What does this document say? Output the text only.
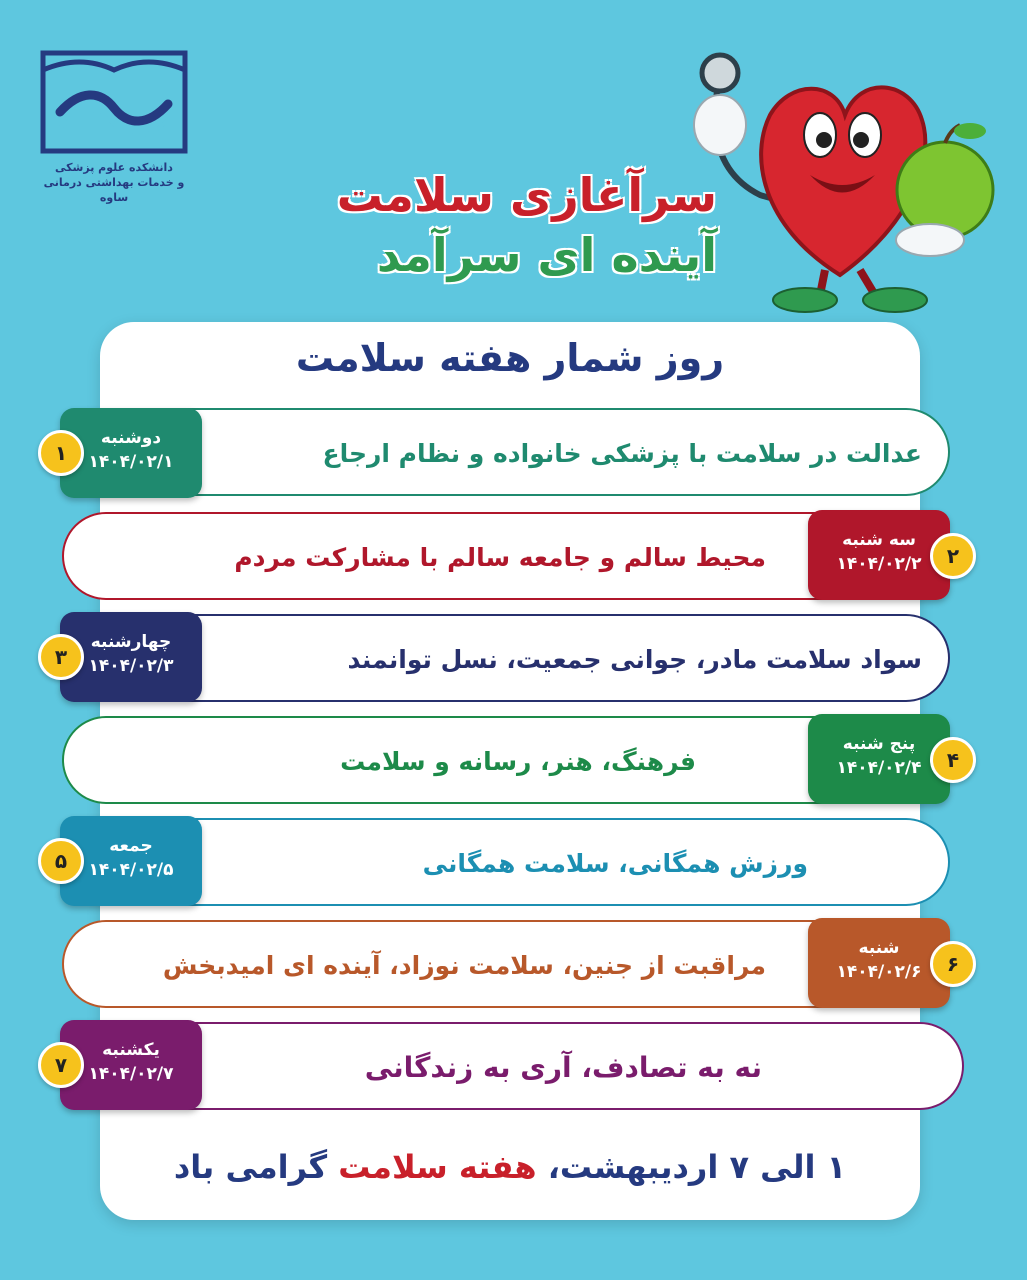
دانشکده علوم پزشکی
و خدمات بهداشتی درمانی ساوه	سرآغازی سلامت
آینده ای سرآمد
روز شمار هفته سلامت
عدالت در سلامت با پزشکی خانواده و نظام ارجاع
دوشنبه
۱۴۰۴/۰۲/۱
۱
محیط سالم و جامعه سالم با مشارکت مردم
سه شنبه
۱۴۰۴/۰۲/۲	۲
سواد سلامت مادر، جوانی جمعیت، نسل توانمند
چهارشنبه
۱۴۰۴/۰۲/۳
۳
فرهنگ، هنر، رسانه و سلامت
پنج شنبه
۱۴۰۴/۰۲/۴	۴
ورزش همگانی، سلامت همگانی
جمعه
۱۴۰۴/۰۲/۵
۵
مراقبت از جنین، سلامت نوزاد، آینده ای امیدبخش
شنبه
۱۴۰۴/۰۲/۶	۶
نه به تصادف، آری به زندگانی
یکشنبه
۱۴۰۴/۰۲/۷
۷
۱ الی ۷ اردیبهشت، هفته سلامت گرامی باد
